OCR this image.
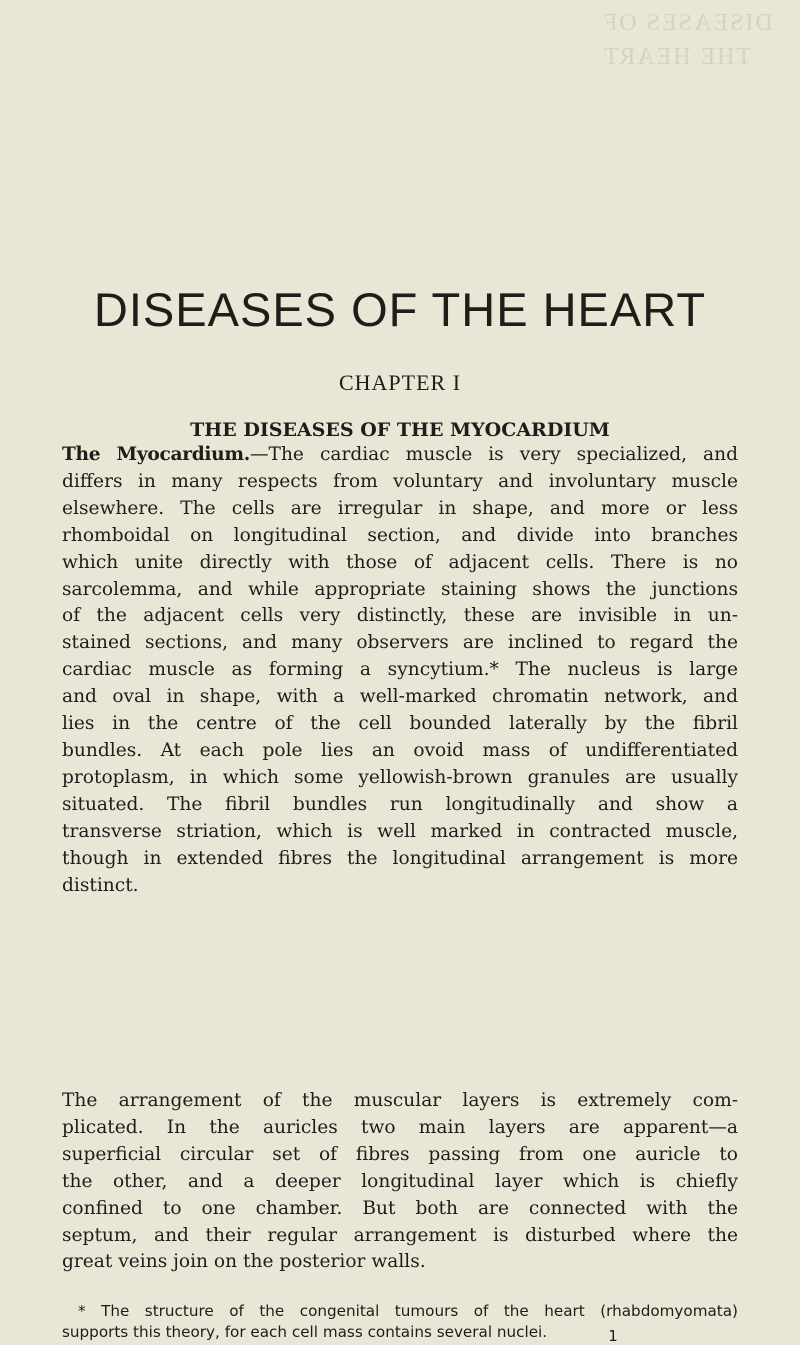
DISEASES OF THE HEART
DISEASES OF THE HEART
CHAPTER I
THE DISEASES OF THE MYOCARDIUM
The Myocardium.—The cardiac muscle is very specialized, and
differs in many respects from voluntary and involuntary muscle
elsewhere. The cells are irregular in shape, and more or less
rhomboidal on longitudinal section, and divide into branches
which unite directly with those of adjacent cells. There is no
sarcolemma, and while appropriate staining shows the junctions
of the adjacent cells very distinctly, these are invisible in un-
stained sections, and many observers are inclined to regard the
cardiac muscle as forming a syncytium.* The nucleus is large
and oval in shape, with a well-marked chromatin network, and
lies in the centre of the cell bounded laterally by the fibril
bundles. At each pole lies an ovoid mass of undifferentiated
protoplasm, in which some yellowish-brown granules are usually
situated. The fibril bundles run longitudinally and show a
transverse striation, which is well marked in contracted muscle,
though in extended fibres the longitudinal arrangement is more
distinct.
The arrangement of the muscular layers is extremely com-
plicated. In the auricles two main layers are apparent—a
superficial circular set of fibres passing from one auricle to
the other, and a deeper longitudinal layer which is chiefly
confined to one chamber. But both are connected with the
septum, and their regular arrangement is disturbed where the
great veins join on the posterior walls.
* The structure of the congenital tumours of the heart (rhabdomyomata)
supports this theory, for each cell mass contains several nuclei.	1
